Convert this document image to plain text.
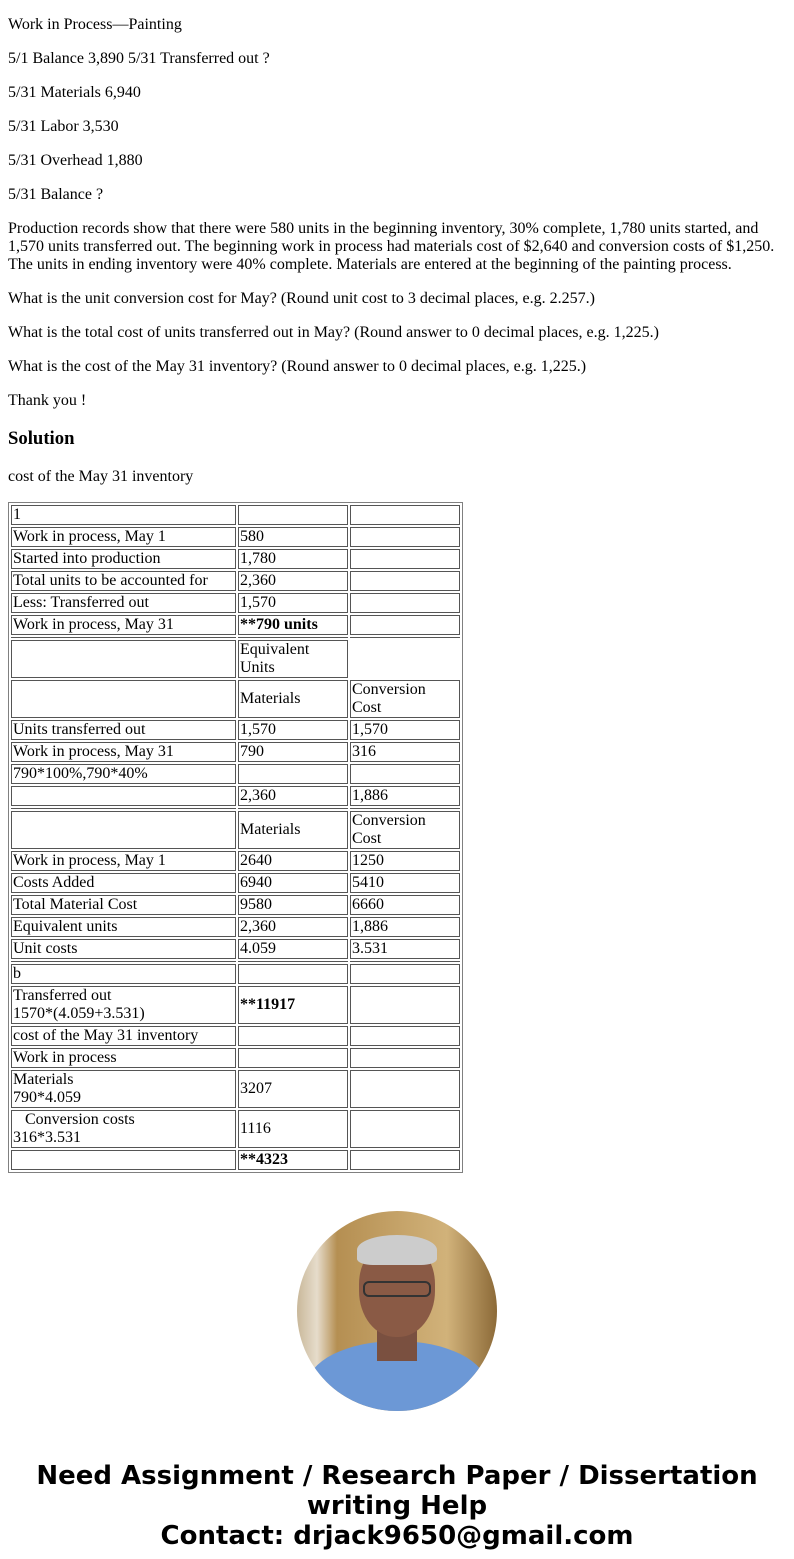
Work in Process—Painting

5/1 Balance 3,890 5/31 Transferred out ?

5/31 Materials 6,940

5/31 Labor 3,530

5/31 Overhead 1,880

5/31 Balance ?

Production records show that there were 580 units in the beginning inventory, 30% complete, 1,780 units started, and 1,570 units transferred out. The beginning work in process had materials cost of $2,640 and conversion costs of $1,250. The units in ending inventory were 40% complete. Materials are entered at the beginning of the painting process.

What is the unit conversion cost for May? (Round unit cost to 3 decimal places, e.g. 2.257.)

What is the total cost of units transferred out in May? (Round answer to 0 decimal places, e.g. 1,225.)

What is the cost of the May 31 inventory? (Round answer to 0 decimal places, e.g. 1,225.)

Thank you !

Solution

cost of the May 31 inventory

1		
Work in process, May 1	580	
Started into production	1,780	
Total units to be accounted for	2,360	
Less: Transferred out	1,570	
Work in process, May 31	**790 units	

	Equivalent Units	
	Materials	Conversion Cost
Units transferred out	1,570	1,570
Work in process, May 31	790	316
790*100%,790*40%		
	2,360	1,886

	Materials	Conversion Cost
Work in process, May 1	2640	1250
Costs Added	6940	5410
Total Material Cost	9580	6660
Equivalent units	2,360	1,886
Unit costs	4.059	3.531

b		
Transferred out
1570*(4.059+3.531)	**11917	
cost of the May 31 inventory		
Work in process		
Materials
790*4.059	3207	
Conversion costs
316*3.531	1116	
	**4323	
Need Assignment / Research Paper / Dissertation writing Help
Contact: drjack9650@gmail.com
